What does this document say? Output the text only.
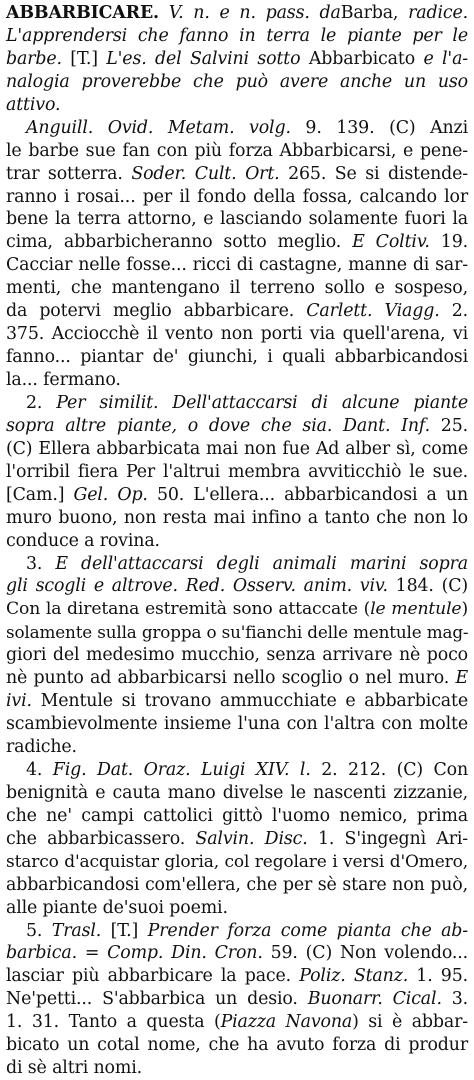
ABBARBICARE. V. n. e n. pass. daBarba, radice.
L'apprendersi che fanno in terra le piante per le
barbe. [T.] L'es. del Salvini sotto Abbarbicato e l'a-
nalogia proverebbe che può avere anche un uso
attivo.
Anguill. Ovid. Metam. volg. 9. 139. (C) Anzi
le barbe sue fan con più forza Abbarbicarsi, e pene-
trar sotterra. Soder. Cult. Ort. 265. Se si distende-
ranno i rosai... per il fondo della fossa, calcando lor
bene la terra attorno, e lasciando solamente fuori la
cima, abbarbicheranno sotto meglio. E Coltiv. 19.
Cacciar nelle fosse... ricci di castagne, manne di sar-
menti, che mantengano il terreno sollo e sospeso,
da potervi meglio abbarbicare. Carlett. Viagg. 2.
375. Acciocchè il vento non porti via quell'arena, vi
fanno... piantar de' giunchi, i quali abbarbicandosi
la... fermano.
2. Per similit. Dell'attaccarsi di alcune piante
sopra altre piante, o dove che sia. Dant. Inf. 25.
(C) Ellera abbarbicata mai non fue Ad alber sì, come
l'orribil fiera Per l'altrui membra avviticchiò le sue.
[Cam.] Gel. Op. 50. L'ellera... abbarbicandosi a un
muro buono, non resta mai infino a tanto che non lo
conduce a rovina.
3. E dell'attaccarsi degli animali marini sopra
gli scogli e altrove. Red. Osserv. anim. viv. 184. (C)
Con la diretana estremità sono attaccate (le mentule)
solamente sulla groppa o su'fianchi delle mentule mag-
giori del medesimo mucchio, senza arrivare nè poco
nè punto ad abbarbicarsi nello scoglio o nel muro. E
ivi. Mentule si trovano ammucchiate e abbarbicate
scambievolmente insieme l'una con l'altra con molte
radiche.
4. Fig. Dat. Oraz. Luigi XIV. l. 2. 212. (C) Con
benignità e cauta mano divelse le nascenti zizzanie,
che ne' campi cattolici gittò l'uomo nemico, prima
che abbarbicassero. Salvin. Disc. 1. S'ingegnì Ari-
starco d'acquistar gloria, col regolare i versi d'Omero,
abbarbicandosi com'ellera, che per sè stare non può,
alle piante de'suoi poemi.
5. Trasl. [T.] Prender forza come pianta che ab-
barbica. = Comp. Din. Cron. 59. (C) Non volendo...
lasciar più abbarbicare la pace. Poliz. Stanz. 1. 95.
Ne'petti... S'abbarbica un desio. Buonarr. Cical. 3.
1. 31. Tanto a questa (Piazza Navona) si è abbar-
bicato un cotal nome, che ha avuto forza di produr
di sè altri nomi.
